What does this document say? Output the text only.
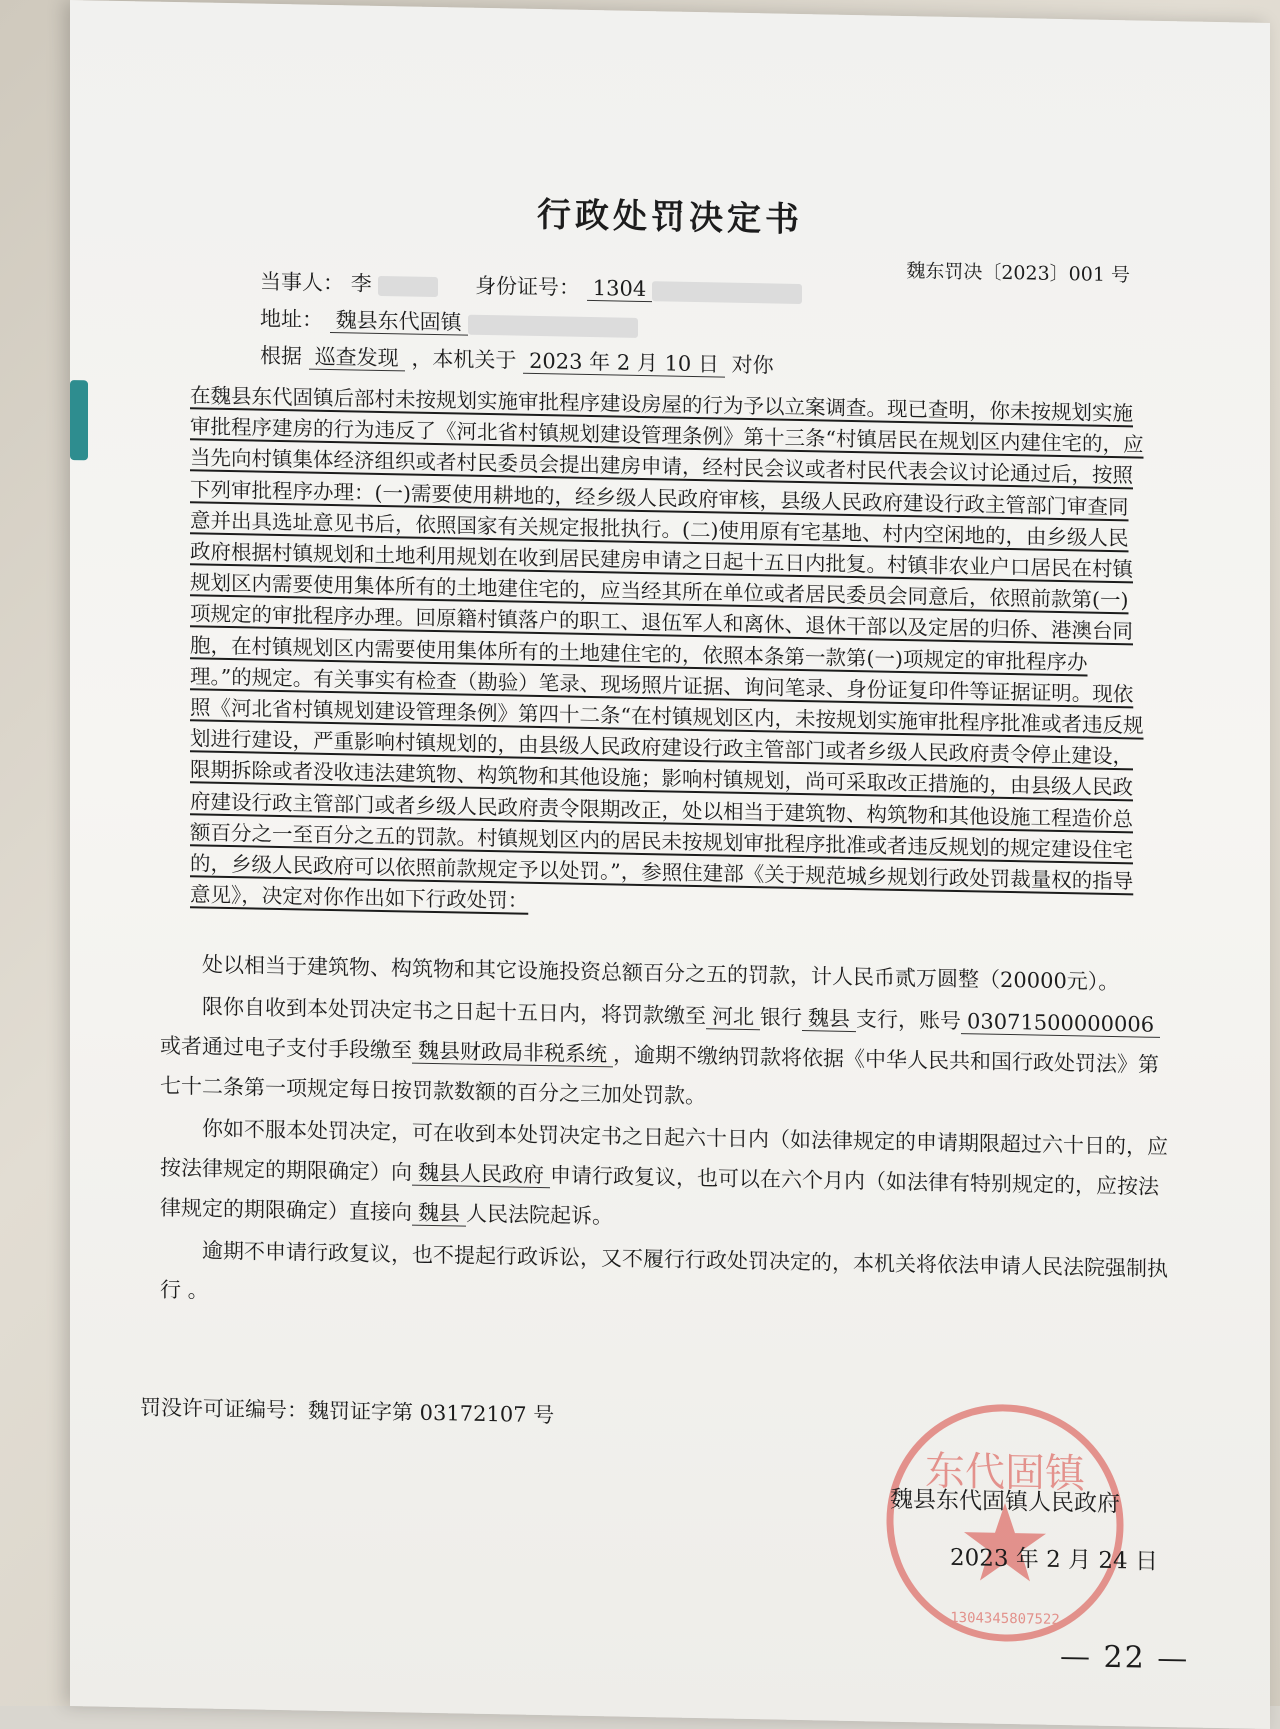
行政处罚决定书
魏东罚决〔2023〕001 号
当事人： 李	身份证号： 1304
地址： 魏县东代固镇
根据 巡查发现 ，本机关于 2023 年 2 月 10 日 对你

在魏县东代固镇后部村未按规划实施审批程序建设房屋的行为予以立案调查。现已查明，你未按规划实施审批程序建房的行为违反了《河北省村镇规划建设管理条例》第十三条“村镇居民在规划区内建住宅的，应当先向村镇集体经济组织或者村民委员会提出建房申请，经村民会议或者村民代表会议讨论通过后，按照下列审批程序办理：(一)需要使用耕地的，经乡级人民政府审核，县级人民政府建设行政主管部门审查同意并出具选址意见书后，依照国家有关规定报批执行。(二)使用原有宅基地、村内空闲地的，由乡级人民政府根据村镇规划和土地利用规划在收到居民建房申请之日起十五日内批复。村镇非农业户口居民在村镇规划区内需要使用集体所有的土地建住宅的，应当经其所在单位或者居民委员会同意后，依照前款第(一)项规定的审批程序办理。回原籍村镇落户的职工、退伍军人和离休、退休干部以及定居的归侨、港澳台同胞，在村镇规划区内需要使用集体所有的土地建住宅的，依照本条第一款第(一)项规定的审批程序办理。”的规定。有关事实有检查（勘验）笔录、现场照片证据、询问笔录、身份证复印件等证据证明。现依照《河北省村镇规划建设管理条例》第四十二条“在村镇规划区内，未按规划实施审批程序批准或者违反规划进行建设，严重影响村镇规划的，由县级人民政府建设行政主管部门或者乡级人民政府责令停止建设，限期拆除或者没收违法建筑物、构筑物和其他设施；影响村镇规划，尚可采取改正措施的，由县级人民政府建设行政主管部门或者乡级人民政府责令限期改正，处以相当于建筑物、构筑物和其他设施工程造价总额百分之一至百分之五的罚款。村镇规划区内的居民未按规划审批程序批准或者违反规划的规定建设住宅的，乡级人民政府可以依照前款规定予以处罚。”，参照住建部《关于规范城乡规划行政处罚裁量权的指导意见》，决定对你作出如下行政处罚：

处以相当于建筑物、构筑物和其它设施投资总额百分之五的罚款，计人民币贰万圆整（20000元）。

限你自收到本处罚决定书之日起十五日内，将罚款缴至 河北 银行 魏县 支行，账号 03071500000006或者通过电子支付手段缴至 魏县财政局非税系统 ，逾期不缴纳罚款将依据《中华人民共和国行政处罚法》第七十二条第一项规定每日按罚款数额的百分之三加处罚款。

你如不服本处罚决定，可在收到本处罚决定书之日起六十日内（如法律规定的申请期限超过六十日的，应按法律规定的期限确定）向 魏县人民政府 申请行政复议，也可以在六个月内（如法律有特别规定的，应按法律规定的期限确定）直接向 魏县 人民法院起诉。

逾期不申请行政复议，也不提起行政诉讼，又不履行行政处罚决定的，本机关将依法申请人民法院强制执行 。

罚没许可证编号：魏罚证字第 03172107 号
东代固镇
1304345807522
魏县东代固镇人民政府
2023 年 2 月 24 日
— 22 —
